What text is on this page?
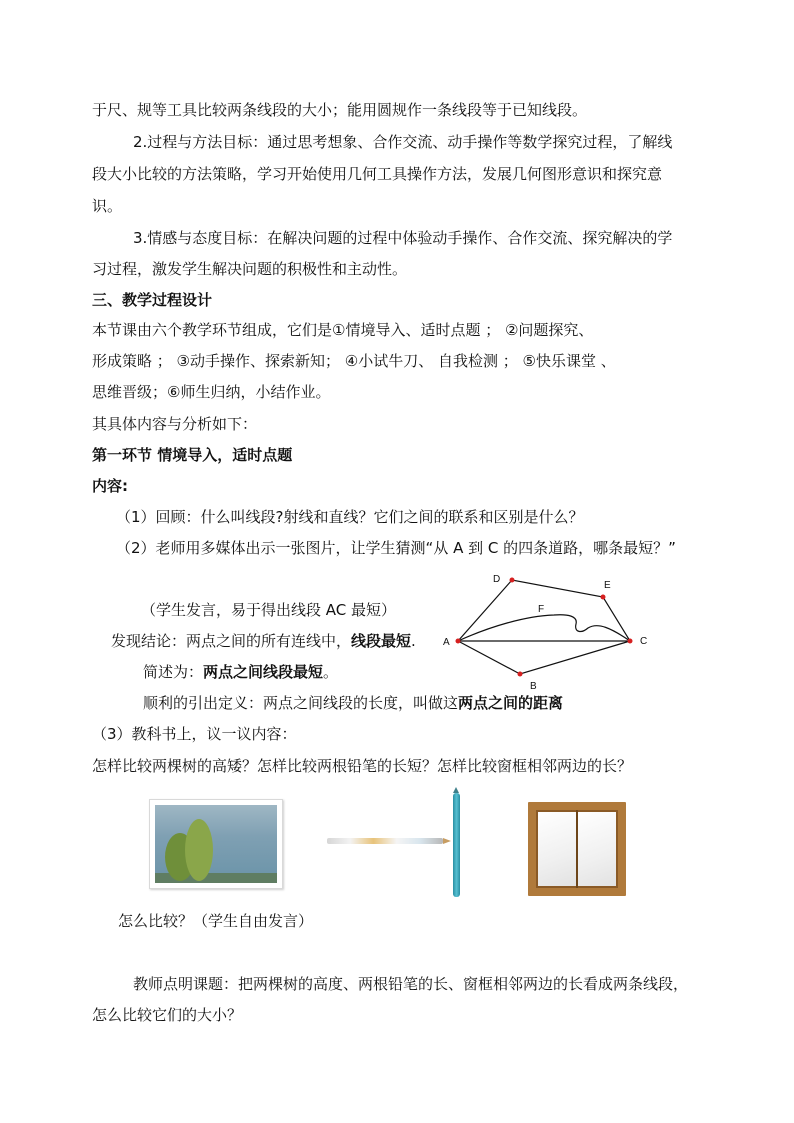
于尺、规等工具比较两条线段的大小；能用圆规作一条线段等于已知线段。
2.过程与方法目标：通过思考想象、合作交流、动手操作等数学探究过程，了解线
段大小比较的方法策略，学习开始使用几何工具操作方法，发展几何图形意识和探究意
识。
3.情感与态度目标：在解决问题的过程中体验动手操作、合作交流、探究解决的学
习过程，激发学生解决问题的积极性和主动性。
三、教学过程设计
本节课由六个教学环节组成，它们是①情境导入、适时点题 ； ②问题探究、
形成策略 ； ③动手操作、探索新知； ④小试牛刀、 自我检测 ； ⑤快乐课堂 、
思维晋级；⑥师生归纳，小结作业。
其具体内容与分析如下：
第一环节 情境导入，适时点题
内容:
（1）回顾：什么叫线段?射线和直线？它们之间的联系和区别是什么？
（2）老师用多媒体出示一张图片，让学生猜测“从 A 到 C 的四条道路，哪条最短？”
（学生发言，易于得出线段 AC 最短）
发现结论：两点之间的所有连线中，线段最短.
简述为：两点之间线段最短。
顺利的引出定义：两点之间线段的长度，叫做这两点之间的距离
（3）教科书上，议一议内容：
怎样比较两棵树的高矮？怎样比较两根铅笔的长短？怎样比较窗框相邻两边的长？
A
D
E
F
C
B
怎么比较？（学生自由发言）
教师点明课题：把两棵树的高度、两根铅笔的长、窗框相邻两边的长看成两条线段，
怎么比较它们的大小？
